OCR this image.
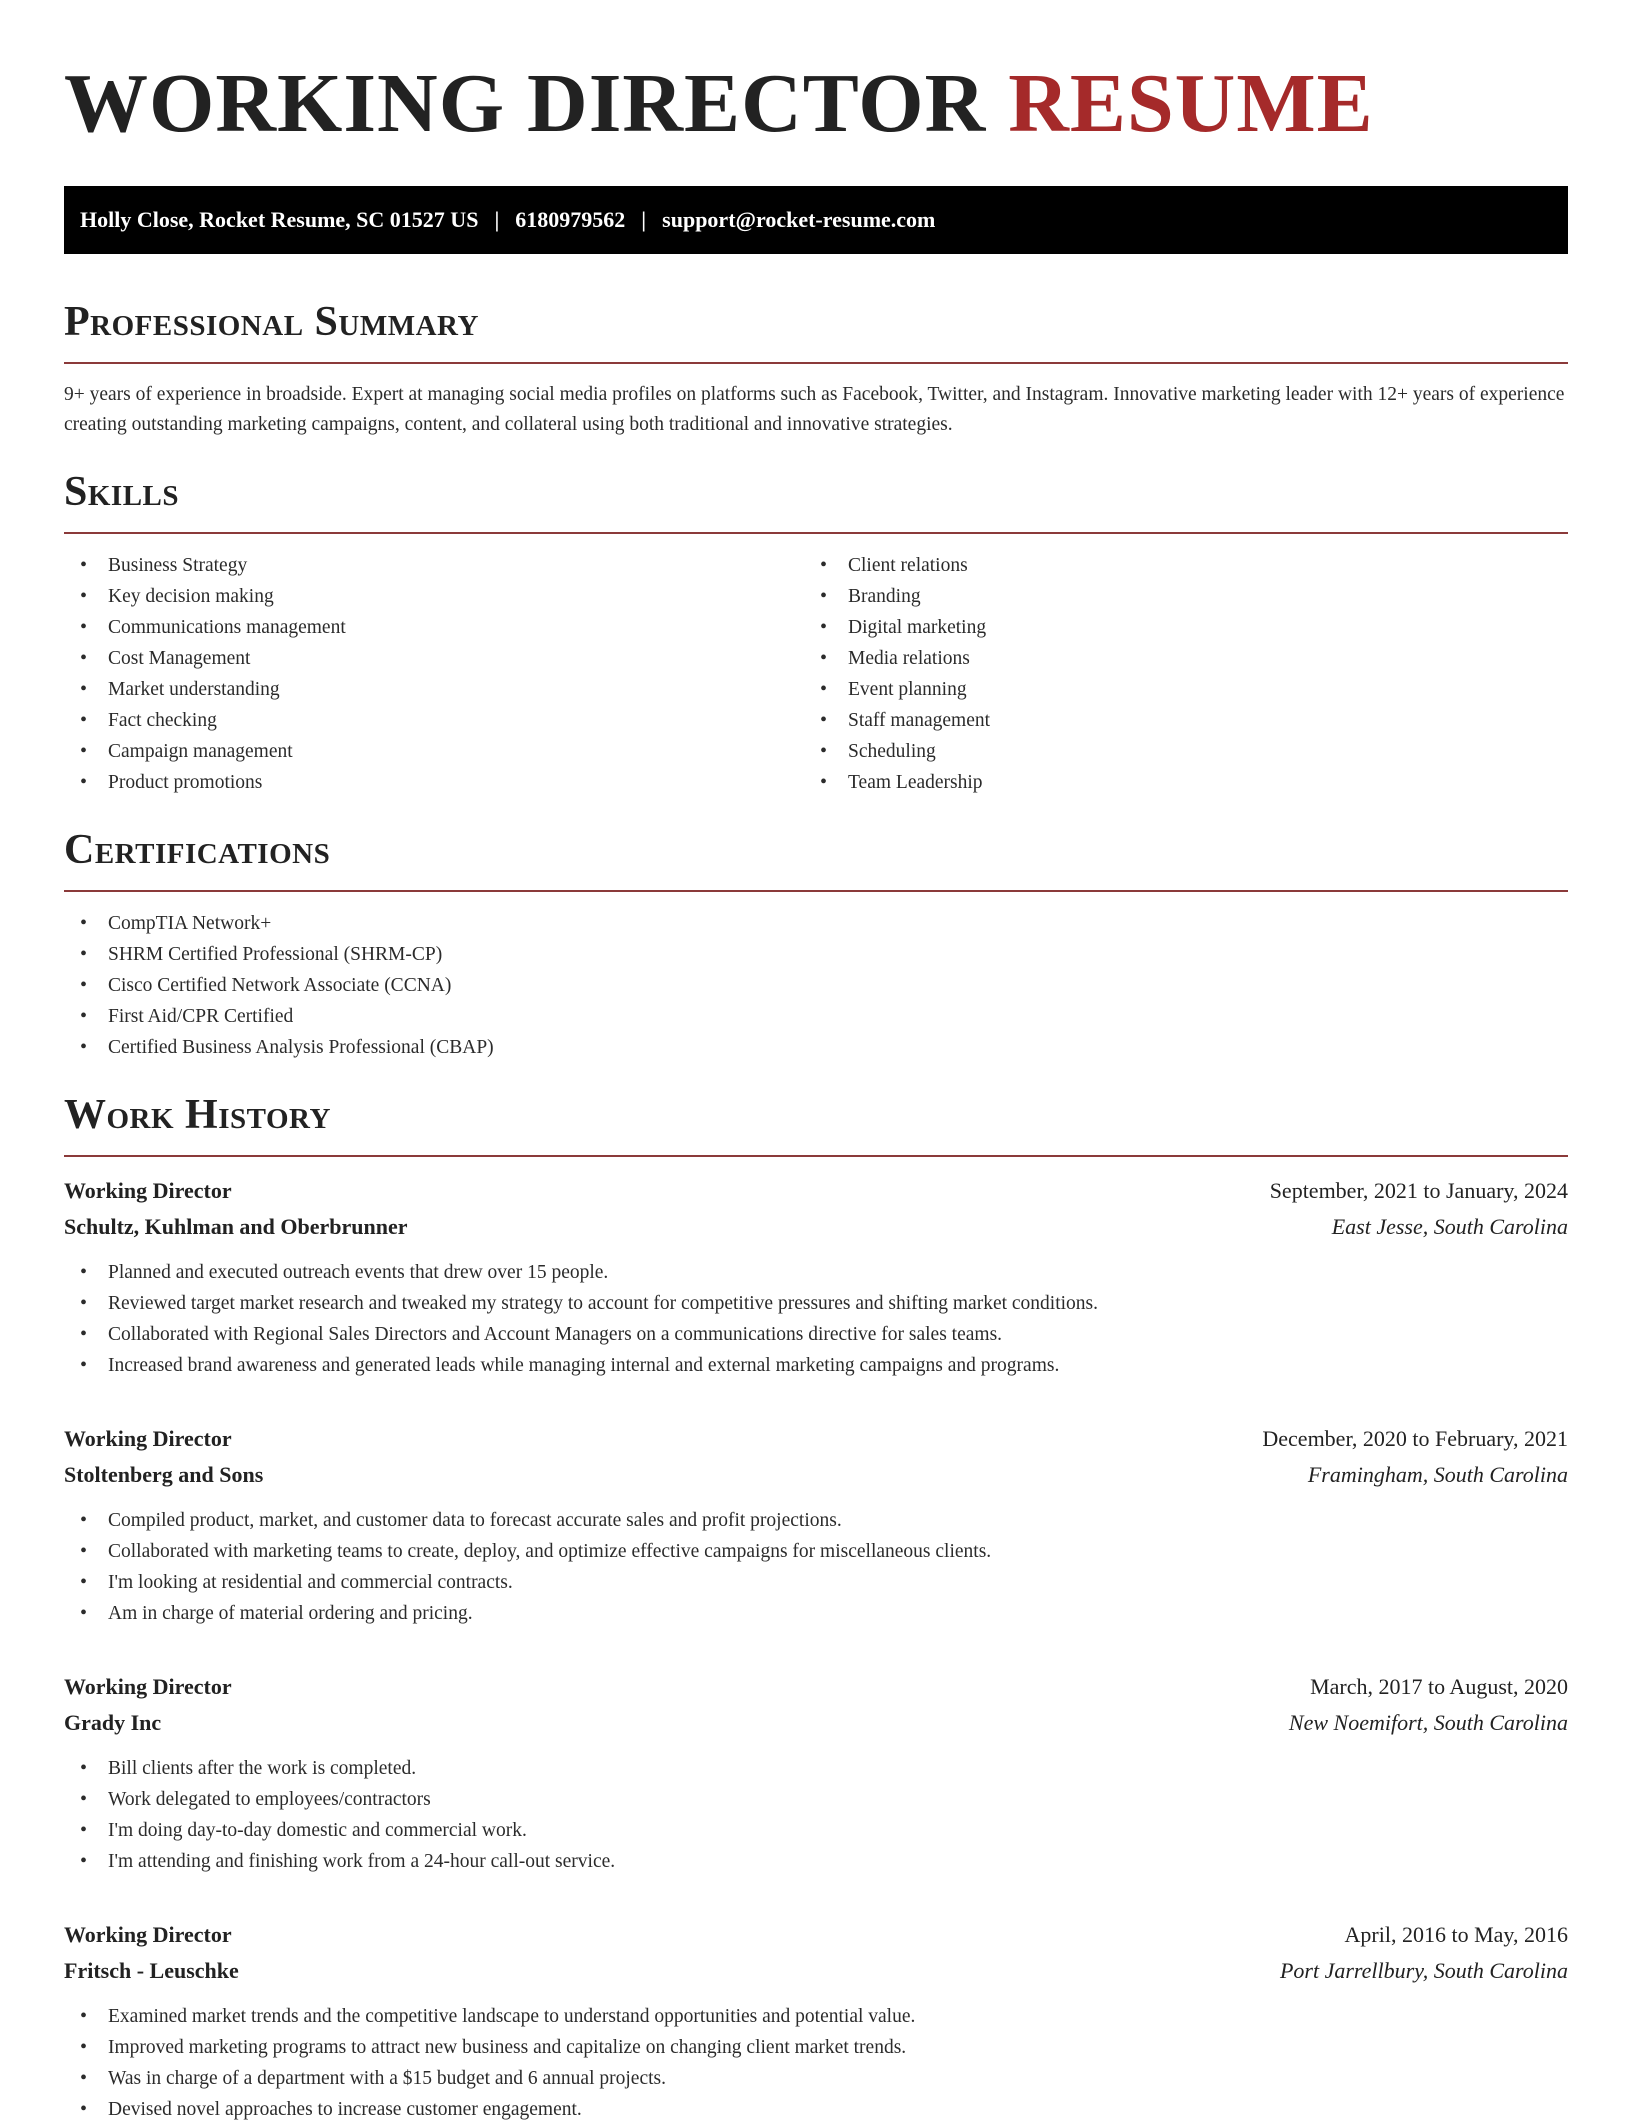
WORKING DIRECTOR RESUME
Holly Close, Rocket Resume, SC 01527 US | 6180979562 | support@rocket-resume.com
Professional Summary

9+ years of experience in broadside. Expert at managing social media profiles on platforms such as Facebook, Twitter, and Instagram. Innovative marketing leader with 12+ years of experience creating outstanding marketing campaigns, content, and collateral using both traditional and innovative strategies.

Skills
• Business Strategy
• Key decision making
• Communications management
• Cost Management
• Market understanding
• Fact checking
• Campaign management
• Product promotions
• Client relations
• Branding
• Digital marketing
• Media relations
• Event planning
• Staff management
• Scheduling
• Team Leadership
Certifications
• CompTIA Network+
• SHRM Certified Professional (SHRM-CP)
• Cisco Certified Network Associate (CCNA)
• First Aid/CPR Certified
• Certified Business Analysis Professional (CBAP)
Work History
Working Director	September, 2021 to January, 2024
Schultz, Kuhlman and Oberbrunner	East Jesse, South Carolina
• Planned and executed outreach events that drew over 15 people.
• Reviewed target market research and tweaked my strategy to account for competitive pressures and shifting market conditions.
• Collaborated with Regional Sales Directors and Account Managers on a communications directive for sales teams.
• Increased brand awareness and generated leads while managing internal and external marketing campaigns and programs.
Working Director	December, 2020 to February, 2021
Stoltenberg and Sons	Framingham, South Carolina
• Compiled product, market, and customer data to forecast accurate sales and profit projections.
• Collaborated with marketing teams to create, deploy, and optimize effective campaigns for miscellaneous clients.
• I'm looking at residential and commercial contracts.
• Am in charge of material ordering and pricing.
Working Director	March, 2017 to August, 2020
Grady Inc	New Noemifort, South Carolina
• Bill clients after the work is completed.
• Work delegated to employees/contractors
• I'm doing day-to-day domestic and commercial work.
• I'm attending and finishing work from a 24-hour call-out service.
Working Director	April, 2016 to May, 2016
Fritsch - Leuschke	Port Jarrellbury, South Carolina
• Examined market trends and the competitive landscape to understand opportunities and potential value.
• Improved marketing programs to attract new business and capitalize on changing client market trends.
• Was in charge of a department with a $15 budget and 6 annual projects.
• Devised novel approaches to increase customer engagement.
